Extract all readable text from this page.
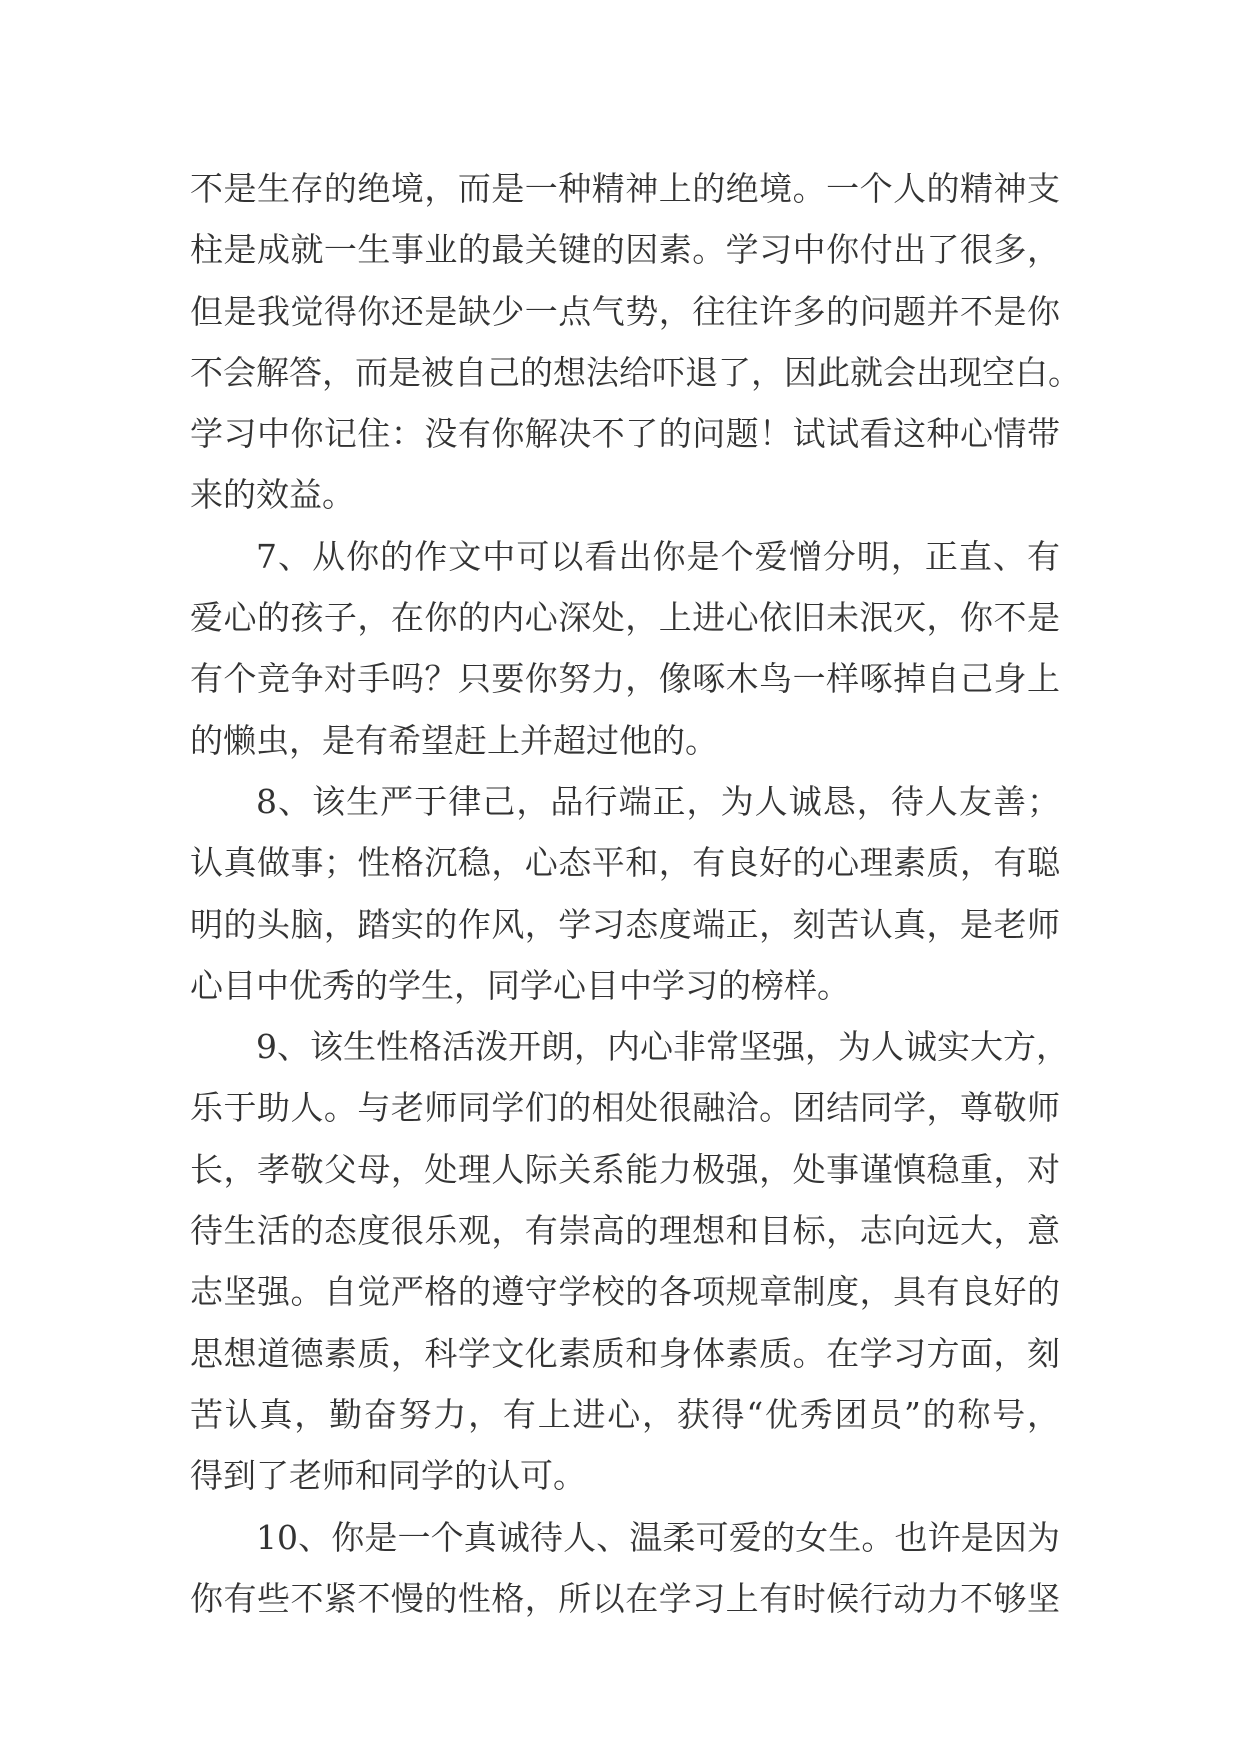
不是生存的绝境，而是一种精神上的绝境。一个人的精神支
柱是成就一生事业的最关键的因素。学习中你付出了很多，
但是我觉得你还是缺少一点气势，往往许多的问题并不是你
不会解答，而是被自己的想法给吓退了，因此就会出现空白。
学习中你记住：没有你解决不了的问题！试试看这种心情带
来的效益。
7、从你的作文中可以看出你是个爱憎分明，正直、有
爱心的孩子，在你的内心深处，上进心依旧未泯灭，你不是
有个竞争对手吗？只要你努力，像啄木鸟一样啄掉自己身上
的懒虫，是有希望赶上并超过他的。
8、该生严于律己，品行端正，为人诚恳，待人友善；
认真做事；性格沉稳，心态平和，有良好的心理素质，有聪
明的头脑，踏实的作风，学习态度端正，刻苦认真，是老师
心目中优秀的学生，同学心目中学习的榜样。
9、该生性格活泼开朗，内心非常坚强，为人诚实大方，
乐于助人。与老师同学们的相处很融洽。团结同学，尊敬师
长，孝敬父母，处理人际关系能力极强，处事谨慎稳重，对
待生活的态度很乐观，有崇高的理想和目标，志向远大，意
志坚强。自觉严格的遵守学校的各项规章制度，具有良好的
思想道德素质，科学文化素质和身体素质。在学习方面，刻
苦认真，勤奋努力，有上进心，获得“优秀团员”的称号，
得到了老师和同学的认可。
10、你是一个真诚待人、温柔可爱的女生。也许是因为
你有些不紧不慢的性格，所以在学习上有时候行动力不够坚
